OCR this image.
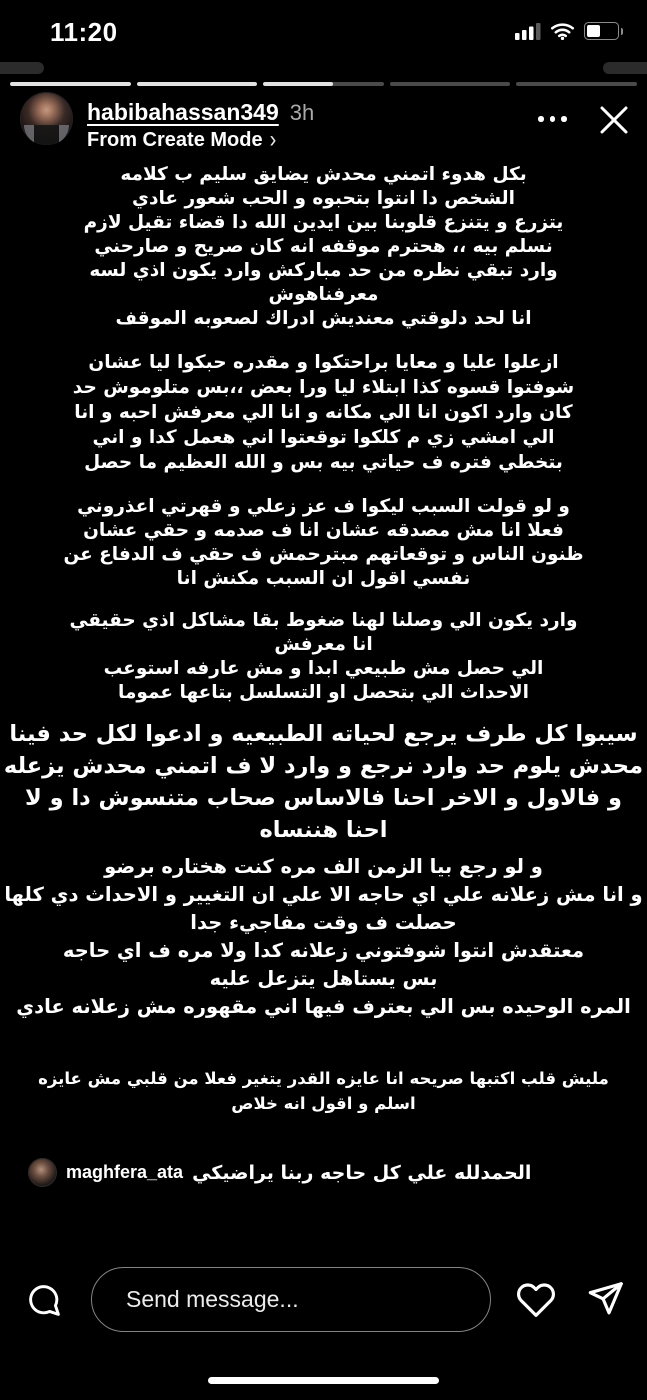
11:20
habibahassan349 3h
From Create Mode ›
بكل هدوء اتمني محدش يضايق سليم ب كلامه
الشخص دا انتوا بتحبوه و الحب شعور عادي
يتزرع و يتنزع قلوبنا بين ايدين الله دا قضاء تقيل لازم
نسلم بيه ،، هحترم موقفه انه كان صريح و صارحني
وارد تبقي نظره من حد مباركش وارد يكون اذي لسه
معرفناهوش
انا لحد دلوقتي معنديش ادراك لصعوبه الموقف
ازعلوا عليا و معايا براحتكوا و مقدره حبكوا ليا عشان
شوفتوا قسوه كذا ابتلاء ليا ورا بعض ،،بس متلوموش حد
كان وارد اكون انا الي مكانه و انا الي معرفش احبه و انا
الي امشي زي م كلكوا توقعتوا اني هعمل كدا و اني
بتخطي فتره ف حياتي بيه بس و الله العظيم ما حصل
و لو قولت السبب ليكوا ف عز زعلي و قهرتي اعذروني
فعلا انا مش مصدقه عشان انا ف صدمه و حقي عشان
ظنون الناس و توقعاتهم مبترحمش ف حقي ف الدفاع عن
نفسي اقول ان السبب مكنش انا
وارد يكون الي وصلنا لهنا ضغوط بقا مشاكل اذي حقيقي
انا معرفش
الي حصل مش طبيعي ابدا و مش عارفه استوعب
الاحداث الي بتحصل او التسلسل بتاعها عموما
سيبوا كل طرف يرجع لحياته الطبيعيه و ادعوا لكل حد فينا
محدش يلوم حد وارد نرجع و وارد لا ف اتمني محدش يزعله
و فالاول و الاخر احنا فالاساس صحاب متنسوش دا و لا
احنا هننساه
و لو رجع بيا الزمن الف مره كنت هختاره برضو
و انا مش زعلانه علي اي حاجه الا علي ان التغيير و الاحداث دي كلها
حصلت ف وقت مفاجيء جدا
معتقدش انتوا شوفتوني زعلانه كدا ولا مره ف اي حاجه
بس يستاهل يتزعل عليه
المره الوحيده بس الي بعترف فيها اني مقهوره مش زعلانه عادي
مليش قلب اكتبها صريحه انا عايزه القدر يتغير فعلا من قلبي مش عايزه
اسلم و اقول انه خلاص
maghfera_ata الحمدلله علي كل حاجه ربنا يراضيكي
Send message...
